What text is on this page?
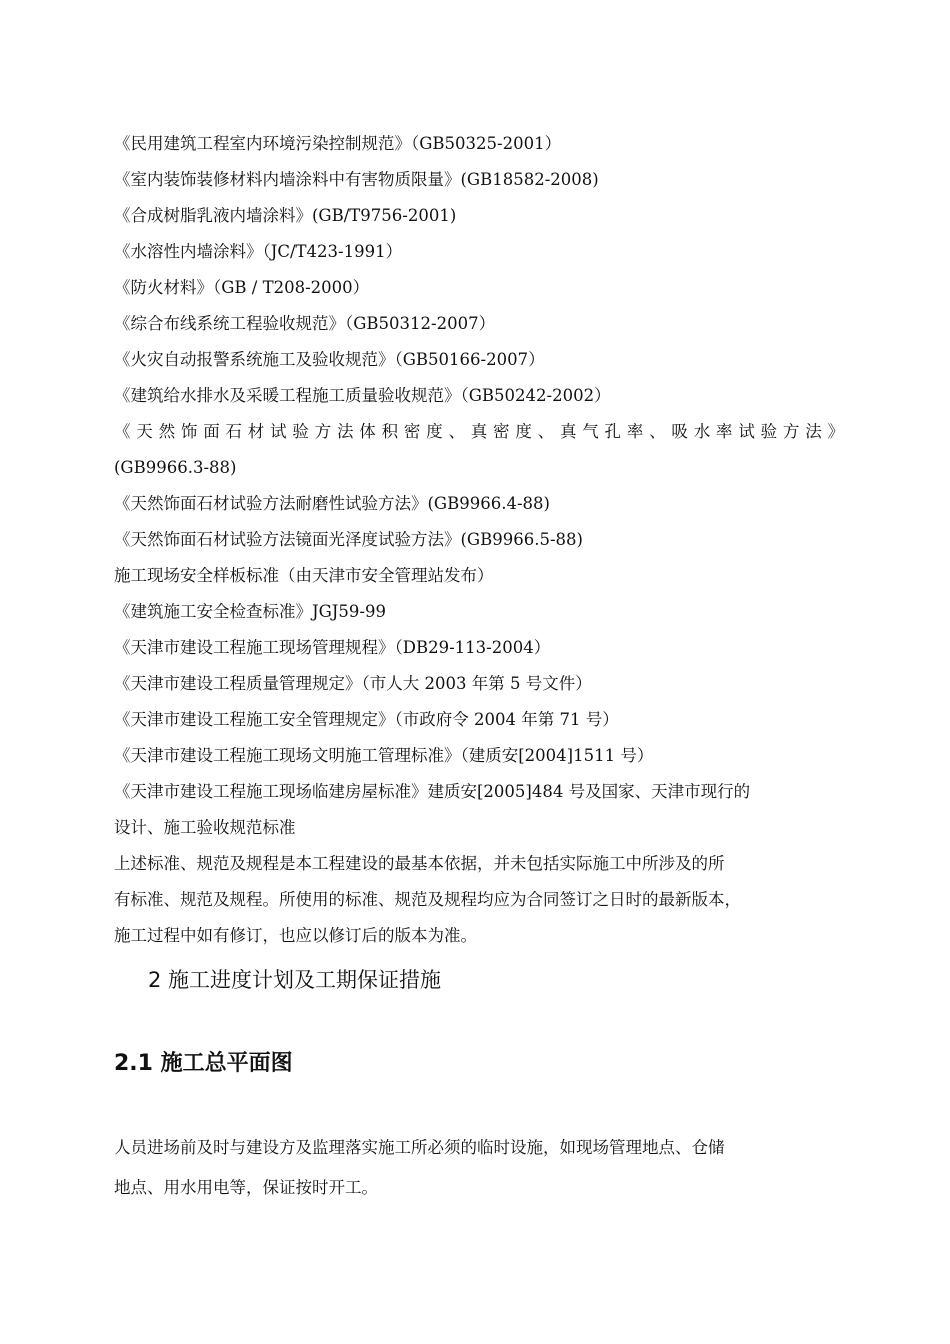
《民用建筑工程室内环境污染控制规范》（GB50325-2001）
《室内装饰装修材料内墙涂料中有害物质限量》(GB18582-2008)
《合成树脂乳液内墙涂料》(GB/T9756-2001)
《水溶性内墙涂料》（JC/T423-1991）
《防火材料》（GB / T208-2000）
《综合布线系统工程验收规范》（GB50312-2007）
《火灾自动报警系统施工及验收规范》（GB50166-2007）
《建筑给水排水及采暖工程施工质量验收规范》（GB50242-2002）
《天然饰面石材试验方法体积密度、真密度、真气孔率、吸水率试验方法》
(GB9966.3-88)
《天然饰面石材试验方法耐磨性试验方法》(GB9966.4-88)
《天然饰面石材试验方法镜面光泽度试验方法》(GB9966.5-88)
施工现场安全样板标准（由天津市安全管理站发布）
《建筑施工安全检查标准》JGJ59-99
《天津市建设工程施工现场管理规程》（DB29-113-2004）
《天津市建设工程质量管理规定》（市人大 2003 年第 5 号文件）
《天津市建设工程施工安全管理规定》（市政府令 2004 年第 71 号）
《天津市建设工程施工现场文明施工管理标准》（建质安[2004]1511 号）
《天津市建设工程施工现场临建房屋标准》建质安[2005]484 号及国家、天津市现行的
设计、施工验收规范标准
上述标准、规范及规程是本工程建设的最基本依据，并未包括实际施工中所涉及的所
有标准、规范及规程。所使用的标准、规范及规程均应为合同签订之日时的最新版本，
施工过程中如有修订，也应以修订后的版本为准。
2 施工进度计划及工期保证措施
2.1 施工总平面图
人员进场前及时与建设方及监理落实施工所必须的临时设施，如现场管理地点、仓储
地点、用水用电等，保证按时开工。
